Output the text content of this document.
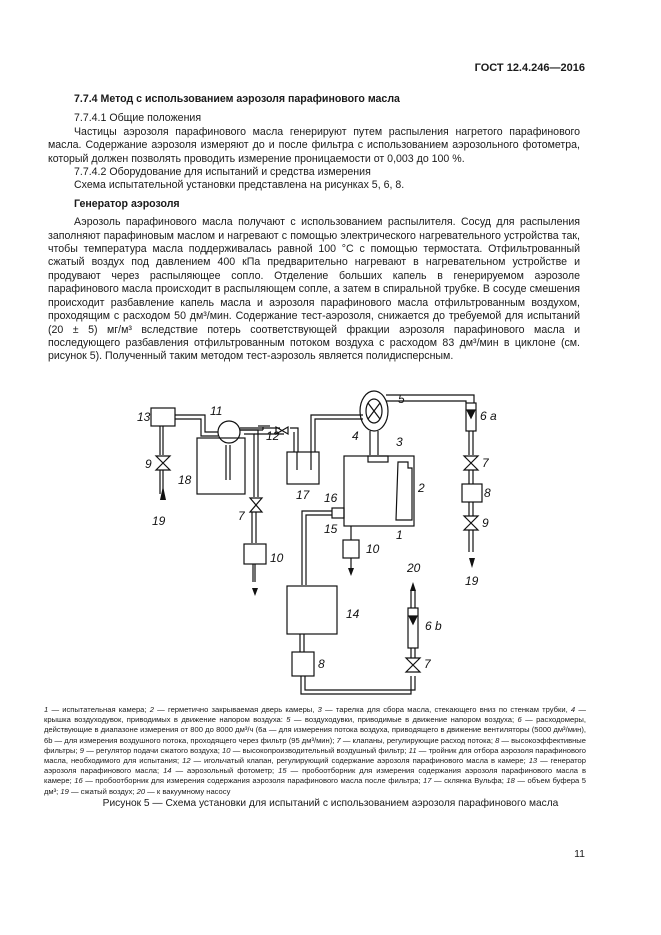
ГОСТ 12.4.246—2016

7.7.4 Метод с использованием аэрозоля парафинового масла

7.7.4.1 Общие положения

Частицы аэрозоля парафинового масла генерируют путем распыления нагретого парафинового масла. Содержание аэрозоля измеряют до и после фильтра с использованием аэрозольного фотометра, который должен позволять проводить измерение проницаемости от 0,003 до 100 %.

7.7.4.2 Оборудование для испытаний и средства измерения

Схема испытательной установки представлена на рисунках 5, 6, 8.

Генератор аэрозоля

Аэрозоль парафинового масла получают с использованием распылителя. Сосуд для распыления заполняют парафиновым маслом и нагревают с помощью электрического нагревательного устройства так, чтобы температура масла поддерживалась равной 100 °С с помощью термостата. Отфильтрованный сжатый воздух под давлением 400 кПа предварительно нагревают в нагревательном устройстве и продувают через распыляющее сопло. Отделение больших капель в генерируемом аэрозоле парафинового масла происходит в распыляющем сопле, а затем в спиральной трубке. В сосуде смешения происходит разбавление капель масла и аэрозоля парафинового масла отфильтрованным воздухом, проходящим с расходом 50 дм³/мин. Содержание тест-аэрозоля, снижается до требуемой для испытаний (20 ± 5) мг/м³ вследствие потерь соответствующей фракции аэрозоля парафинового масла и последующего разбавления отфильтрованным потоком воздуха с расходом 83 дм³/мин в циклоне (см. рисунок 5). Полученный таким методом тест-аэрозоль является полидисперсным.

13
9
19
18
11
7
10
12
17
4
5
3
2
1
16
15
10
6 a
7
8
9
19
14
8
20
6 b
7
1 — испытательная камера; 2 — герметично закрываемая дверь камеры, 3 — тарелка для сбора масла, стекающего вниз по стенкам трубки, 4 — крышка воздуходувок, приводимых в движение напором воздуха: 5 — воздуходувки, приводимые в движение напором воздуха; 6 — расходомеры, действующие в диапазоне измерения от 800 до 8000 дм³/ч (6а — для измерения потока воздуха, приводящего в движение вентиляторы (5000 дм³/мин), 6b — для измерения воздушного потока, проходящего через фильтр (95 дм³/мин); 7 — клапаны, регулирующие расход потока; 8 — высокоэффективные фильтры; 9 — регулятор подачи сжатого воздуха; 10 — высокопроизводительный воздушный фильтр; 11 — тройник для отбора аэрозоля парафинового масла, необходимого для испытания; 12 — игольчатый клапан, регулирующий содержание аэрозоля парафинового масла в камере; 13 — генератор аэрозоля парафинового масла; 14 — аэрозольный фотометр; 15 — пробоотборник для измерения содержания аэрозоля парафинового масла в камере; 16 — пробоотборник для измерения содержания аэрозоля парафинового масла после фильтра; 17 — склянка Вульфа; 18 — объем буфера 5 дм³; 19 — сжатый воздух; 20 — к вакуумному насосу
Рисунок 5 — Схема установки для испытаний с использованием аэрозоля парафинового масла
11
